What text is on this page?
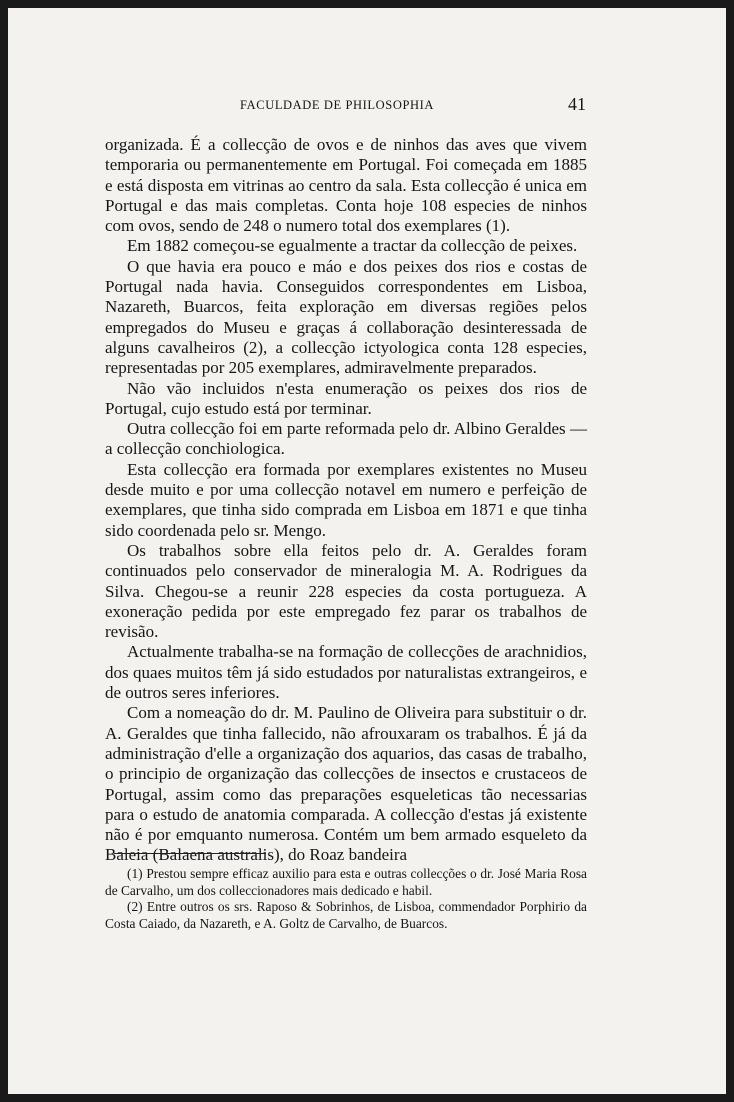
FACULDADE DE PHILOSOPHIA	41

organizada. É a collecção de ovos e de ninhos das aves que vivem temporaria ou permanentemente em Portugal. Foi começada em 1885 e está disposta em vitrinas ao centro da sala. Esta collecção é unica em Portugal e das mais completas. Conta hoje 108 especies de ninhos com ovos, sendo de 248 o numero total dos exemplares (1).

Em 1882 começou-se egualmente a tractar da collecção de peixes.

O que havia era pouco e máo e dos peixes dos rios e costas de Portugal nada havia. Conseguidos correspondentes em Lisboa, Nazareth, Buarcos, feita exploração em diversas regiões pelos empregados do Museu e graças á collaboração desinteressada de alguns cavalheiros (2), a collecção ictyologica conta 128 especies, representadas por 205 exemplares, admiravelmente preparados.

Não vão incluidos n'esta enumeração os peixes dos rios de Portugal, cujo estudo está por terminar.

Outra collecção foi em parte reformada pelo dr. Albino Geraldes —a collecção conchiologica.

Esta collecção era formada por exemplares existentes no Museu desde muito e por uma collecção notavel em numero e perfeição de exemplares, que tinha sido comprada em Lisboa em 1871 e que tinha sido coordenada pelo sr. Mengo.

Os trabalhos sobre ella feitos pelo dr. A. Geraldes foram continuados pelo conservador de mineralogia M. A. Rodrigues da Silva. Chegou-se a reunir 228 especies da costa portugueza. A exoneração pedida por este empregado fez parar os trabalhos de revisão.

Actualmente trabalha-se na formação de collecções de arachnidios, dos quaes muitos têm já sido estudados por naturalistas extrangeiros, e de outros seres inferiores.

Com a nomeação do dr. M. Paulino de Oliveira para substituir o dr. A. Geraldes que tinha fallecido, não afrouxaram os trabalhos. É já da administração d'elle a organização dos aquarios, das casas de trabalho, o principio de organização das collecções de insectos e crustaceos de Portugal, assim como das preparações esqueleticas tão necessarias para o estudo de anatomia comparada. A collecção d'estas já existente não é por emquanto numerosa. Contém um bem armado esqueleto da Baleia (Balaena australis), do Roaz bandeira

(1) Prestou sempre efficaz auxilio para esta e outras collecções o dr. José Maria Rosa de Carvalho, um dos colleccionadores mais dedicado e habil.

(2) Entre outros os srs. Raposo & Sobrinhos, de Lisboa, commendador Porphirio da Costa Caiado, da Nazareth, e A. Goltz de Carvalho, de Buarcos.
